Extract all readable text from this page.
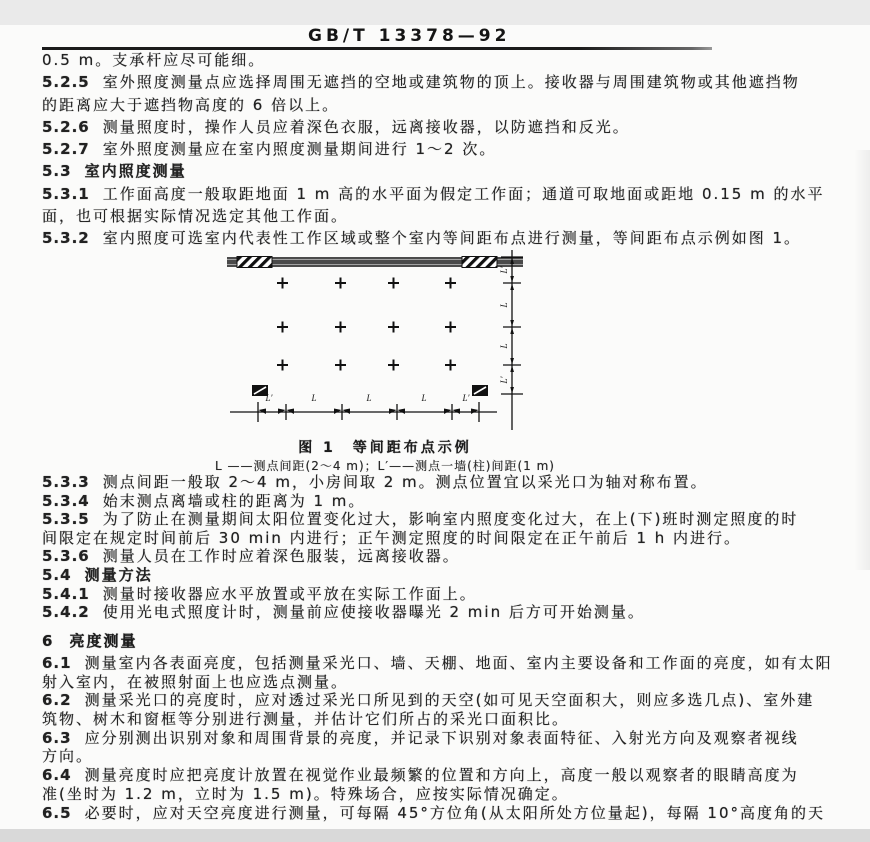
GB/T 13378—92
0.5 m。支承杆应尽可能细。
5.2.5 室外照度测量点应选择周围无遮挡的空地或建筑物的顶上。接收器与周围建筑物或其他遮挡物
的距离应大于遮挡物高度的 6 倍以上。
5.2.6 测量照度时，操作人员应着深色衣服，远离接收器，以防遮挡和反光。
5.2.7 室外照度测量应在室内照度测量期间进行 1～2 次。
5.3 室内照度测量
5.3.1 工作面高度一般取距地面 1 m 高的水平面为假定工作面；通道可取地面或距地 0.15 m 的水平
面，也可根据实际情况选定其他工作面。
5.3.2 室内照度可选室内代表性工作区域或整个室内等间距布点进行测量，等间距布点示例如图 1。
L′	L	L	L	L′
L′
L
L
L′
图 1　等间距布点示例
L ——测点间距(2～4 m)；L′——测点一墙(柱)间距(1 m)
5.3.3 测点间距一般取 2～4 m，小房间取 2 m。测点位置宜以采光口为轴对称布置。
5.3.4 始末测点离墙或柱的距离为 1 m。
5.3.5 为了防止在测量期间太阳位置变化过大，影响室内照度变化过大，在上(下)班时测定照度的时
间限定在规定时间前后 30 min 内进行；正午测定照度的时间限定在正午前后 1 h 内进行。
5.3.6 测量人员在工作时应着深色服装，远离接收器。
5.4 测量方法
5.4.1 测量时接收器应水平放置或平放在实际工作面上。
5.4.2 使用光电式照度计时，测量前应使接收器曝光 2 min 后方可开始测量。
6 亮度测量
6.1 测量室内各表面亮度，包括测量采光口、墙、天棚、地面、室内主要设备和工作面的亮度，如有太阳
射入室内，在被照射面上也应选点测量。
6.2 测量采光口的亮度时，应对透过采光口所见到的天空(如可见天空面积大，则应多选几点)、室外建
筑物、树木和窗框等分别进行测量，并估计它们所占的采光口面积比。
6.3 应分别测出识别对象和周围背景的亮度，并记录下识别对象表面特征、入射光方向及观察者视线
方向。
6.4 测量亮度时应把亮度计放置在视觉作业最频繁的位置和方向上，高度一般以观察者的眼睛高度为
准(坐时为 1.2 m，立时为 1.5 m)。特殊场合，应按实际情况确定。
6.5 必要时，应对天空亮度进行测量，可每隔 45°方位角(从太阳所处方位量起)，每隔 10°高度角的天
